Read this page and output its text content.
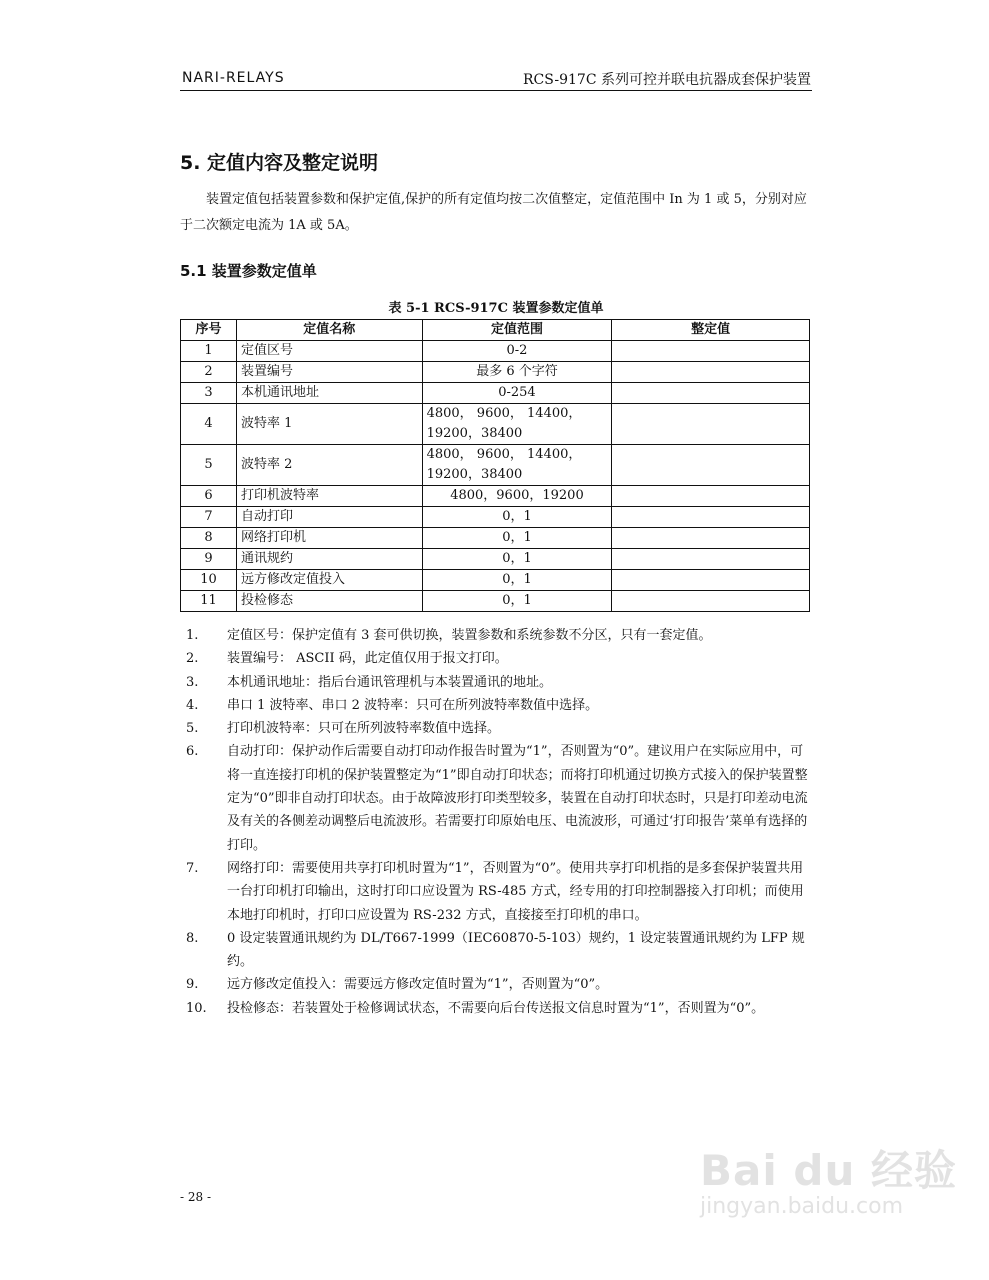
NARI-RELAYS	RCS-917C 系列可控并联电抗器成套保护装置
5. 定值内容及整定说明
装置定值包括装置参数和保护定值,保护的所有定值均按二次值整定，定值范围中 In 为 1 或 5，分别对应于二次额定电流为 1A 或 5A。
5.1 装置参数定值单
表 5-1 RCS-917C 装置参数定值单
序号	定值名称	定值范围	整定值
1	定值区号	0-2	
2	装置编号	最多 6 个字符	
3	本机通讯地址	0-254	
4	波特率 1	4800， 9600， 14400，
19200，38400	
5	波特率 2	4800， 9600， 14400，
19200，38400	
6	打印机波特率	4800，9600，19200	
7	自动打印	0，1	
8	网络打印机	0，1	
9	通讯规约	0，1	
10	远方修改定值投入	0，1	
11	投检修态	0，1	
1.	定值区号：保护定值有 3 套可供切换，装置参数和系统参数不分区，只有一套定值。
2.	装置编号： ASCII 码，此定值仅用于报文打印。
3.	本机通讯地址：指后台通讯管理机与本装置通讯的地址。
4.	串口 1 波特率、串口 2 波特率：只可在所列波特率数值中选择。
5.	打印机波特率：只可在所列波特率数值中选择。
6.	自动打印：保护动作后需要自动打印动作报告时置为“1”，否则置为“0”。建议用户在实际应用中，可将一直连接打印机的保护装置整定为“1”即自动打印状态；而将打印机通过切换方式接入的保护装置整定为“0”即非自动打印状态。由于故障波形打印类型较多，装置在自动打印状态时，只是打印差动电流及有关的各侧差动调整后电流波形。若需要打印原始电压、电流波形，可通过‘打印报告’菜单有选择的打印。
7.	网络打印：需要使用共享打印机时置为“1”，否则置为“0”。使用共享打印机指的是多套保护装置共用一台打印机打印输出，这时打印口应设置为 RS-485 方式，经专用的打印控制器接入打印机；而使用本地打印机时，打印口应设置为 RS-232 方式，直接接至打印机的串口。
8.	0 设定装置通讯规约为 DL/T667-1999（IEC60870-5-103）规约，1 设定装置通讯规约为 LFP 规约。
9.	远方修改定值投入：需要远方修改定值时置为“1”，否则置为“0”。
10.	投检修态：若装置处于检修调试状态，不需要向后台传送报文信息时置为“1”，否则置为“0”。
- 28 -
Bai du 经验
jingyan.baidu.com
